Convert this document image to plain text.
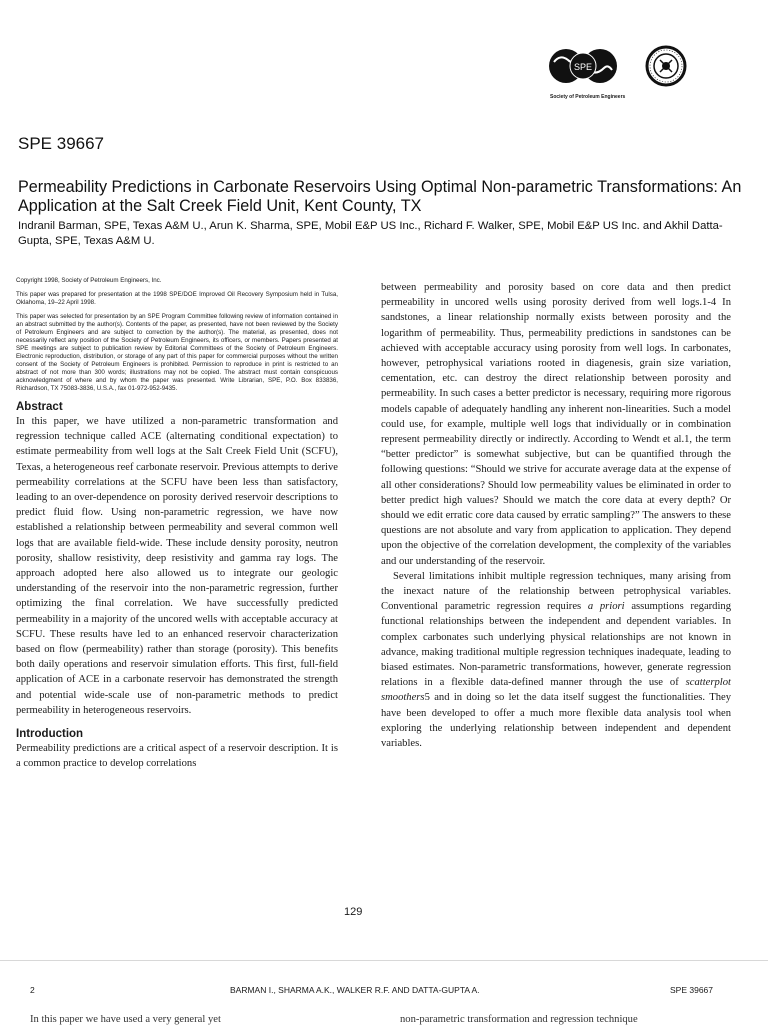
SPE
Society of Petroleum Engineers
SPE 39667
Permeability Predictions in Carbonate Reservoirs Using Optimal Non-parametric Transformations: An Application at the Salt Creek Field Unit, Kent County, TX
Indranil Barman, SPE, Texas A&M U., Arun K. Sharma, SPE, Mobil E&P US Inc., Richard F. Walker, SPE, Mobil E&P US Inc. and Akhil Datta-Gupta, SPE, Texas A&M U.

Copyright 1998, Society of Petroleum Engineers, Inc.

This paper was prepared for presentation at the 1998 SPE/DOE Improved Oil Recovery Symposium held in Tulsa, Oklahoma, 19–22 April 1998.

This paper was selected for presentation by an SPE Program Committee following review of information contained in an abstract submitted by the author(s). Contents of the paper, as presented, have not been reviewed by the Society of Petroleum Engineers and are subject to correction by the author(s). The material, as presented, does not necessarily reflect any position of the Society of Petroleum Engineers, its officers, or members. Papers presented at SPE meetings are subject to publication review by Editorial Committees of the Society of Petroleum Engineers. Electronic reproduction, distribution, or storage of any part of this paper for commercial purposes without the written consent of the Society of Petroleum Engineers is prohibited. Permission to reproduce in print is restricted to an abstract of not more than 300 words; illustrations may not be copied. The abstract must contain conspicuous acknowledgment of where and by whom the paper was presented. Write Librarian, SPE, P.O. Box 833836, Richardson, TX 75083-3836, U.S.A., fax 01-972-952-9435.

Abstract

In this paper, we have utilized a non-parametric transformation and regression technique called ACE (alternating conditional expectation) to estimate permeability from well logs at the Salt Creek Field Unit (SCFU), Texas, a heterogeneous reef carbonate reservoir. Previous attempts to derive permeability correlations at the SCFU have been less than satisfactory, leading to an over-dependence on porosity derived reservoir descriptions to predict fluid flow. Using non-parametric regression, we have now established a relationship between permeability and several common well logs that are available field-wide. These include density porosity, neutron porosity, shallow resistivity, deep resistivity and gamma ray logs. The approach adopted here also allowed us to integrate our geologic understanding of the reservoir into the non-parametric regression, further optimizing the final correlation. We have successfully predicted permeability in a majority of the uncored wells with acceptable accuracy at SCFU. These results have led to an enhanced reservoir characterization based on flow (permeability) rather than storage (porosity). This benefits both daily operations and reservoir simulation efforts. This first, full-field application of ACE in a carbonate reservoir has demonstrated the strength and potential wide-scale use of non-parametric methods to predict permeability in heterogeneous reservoirs.

Introduction

Permeability predictions are a critical aspect of a reservoir description. It is a common practice to develop correlations

between permeability and porosity based on core data and then predict permeability in uncored wells using porosity derived from well logs.1-4 In sandstones, a linear relationship normally exists between porosity and the logarithm of permeability. Thus, permeability predictions in sandstones can be achieved with acceptable accuracy using porosity from well logs. In carbonates, however, petrophysical variations rooted in diagenesis, grain size variation, cementation, etc. can destroy the direct relationship between porosity and permeability. In such cases a better predictor is necessary, requiring more rigorous models capable of adequately handling any inherent non-linearities. Such a model could use, for example, multiple well logs that individually or in combination represent permeability directly or indirectly. According to Wendt et al.1, the term “better predictor” is somewhat subjective, but can be quantified through the following questions: “Should we strive for accurate average data at the expense of all other considerations? Should low permeability values be eliminated in order to better predict high values? Should we match the core data at every depth? Or should we edit erratic core data caused by erratic sampling?” The answers to these questions are not absolute and vary from application to application. They depend upon the objective of the correlation development, the complexity of the variables and our understanding of the reservoir.

Several limitations inhibit multiple regression techniques, many arising from the inexact nature of the relationship between petrophysical variables. Conventional parametric regression requires a priori assumptions regarding functional relationships between the independent and dependent variables. In complex carbonates such underlying physical relationships are not known in advance, making traditional multiple regression techniques inadequate, leading to biased estimates. Non-parametric transformations, however, generate regression relations in a flexible data-defined manner through the use of scatterplot smoothers5 and in doing so let the data itself suggest the functionalities. They have been developed to offer a much more flexible data analysis tool when exploring the underlying relationship between independent and dependent variables.

129
2	BARMAN I., SHARMA A.K., WALKER R.F. AND DATTA-GUPTA A.	SPE 39667
In this paper we have used a very general yet	non-parametric transformation and regression technique
